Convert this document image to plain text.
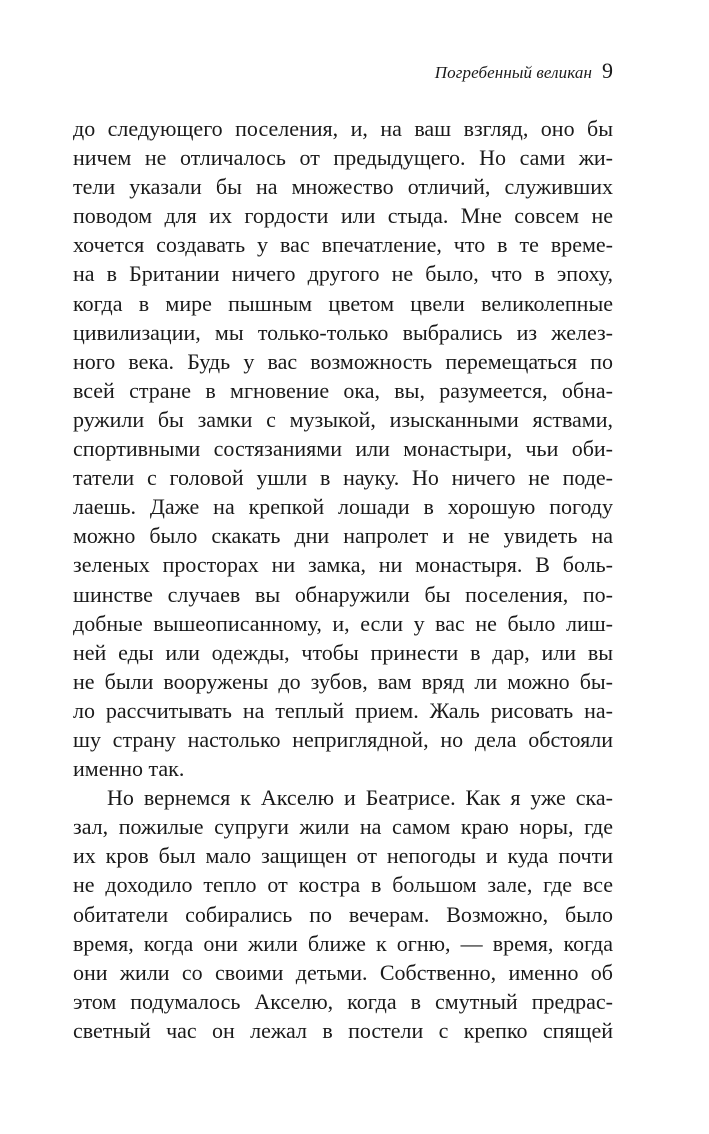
Погребенный великан 9
до следующего поселения, и, на ваш взгляд, оно бы
ничем не отличалось от предыдущего. Но сами жи-
тели указали бы на множество отличий, служивших
поводом для их гордости или стыда. Мне совсем не
хочется создавать у вас впечатление, что в те време-
на в Британии ничего другого не было, что в эпоху,
когда в мире пышным цветом цвели великолепные
цивилизации, мы только-только выбрались из желез-
ного века. Будь у вас возможность перемещаться по
всей стране в мгновение ока, вы, разумеется, обна-
ружили бы замки с музыкой, изысканными яствами,
спортивными состязаниями или монастыри, чьи оби-
татели с головой ушли в науку. Но ничего не поде-
лаешь. Даже на крепкой лошади в хорошую погоду
можно было скакать дни напролет и не увидеть на
зеленых просторах ни замка, ни монастыря. В боль-
шинстве случаев вы обнаружили бы поселения, по-
добные вышеописанному, и, если у вас не было лиш-
ней еды или одежды, чтобы принести в дар, или вы
не были вооружены до зубов, вам вряд ли можно бы-
ло рассчитывать на теплый прием. Жаль рисовать на-
шу страну настолько неприглядной, но дела обстояли
именно так.
Но вернемся к Акселю и Беатрисе. Как я уже ска-
зал, пожилые супруги жили на самом краю норы, где
их кров был мало защищен от непогоды и куда почти
не доходило тепло от костра в большом зале, где все
обитатели собирались по вечерам. Возможно, было
время, когда они жили ближе к огню, — время, когда
они жили со своими детьми. Собственно, именно об
этом подумалось Акселю, когда в смутный предрас-
светный час он лежал в постели с крепко спящей
